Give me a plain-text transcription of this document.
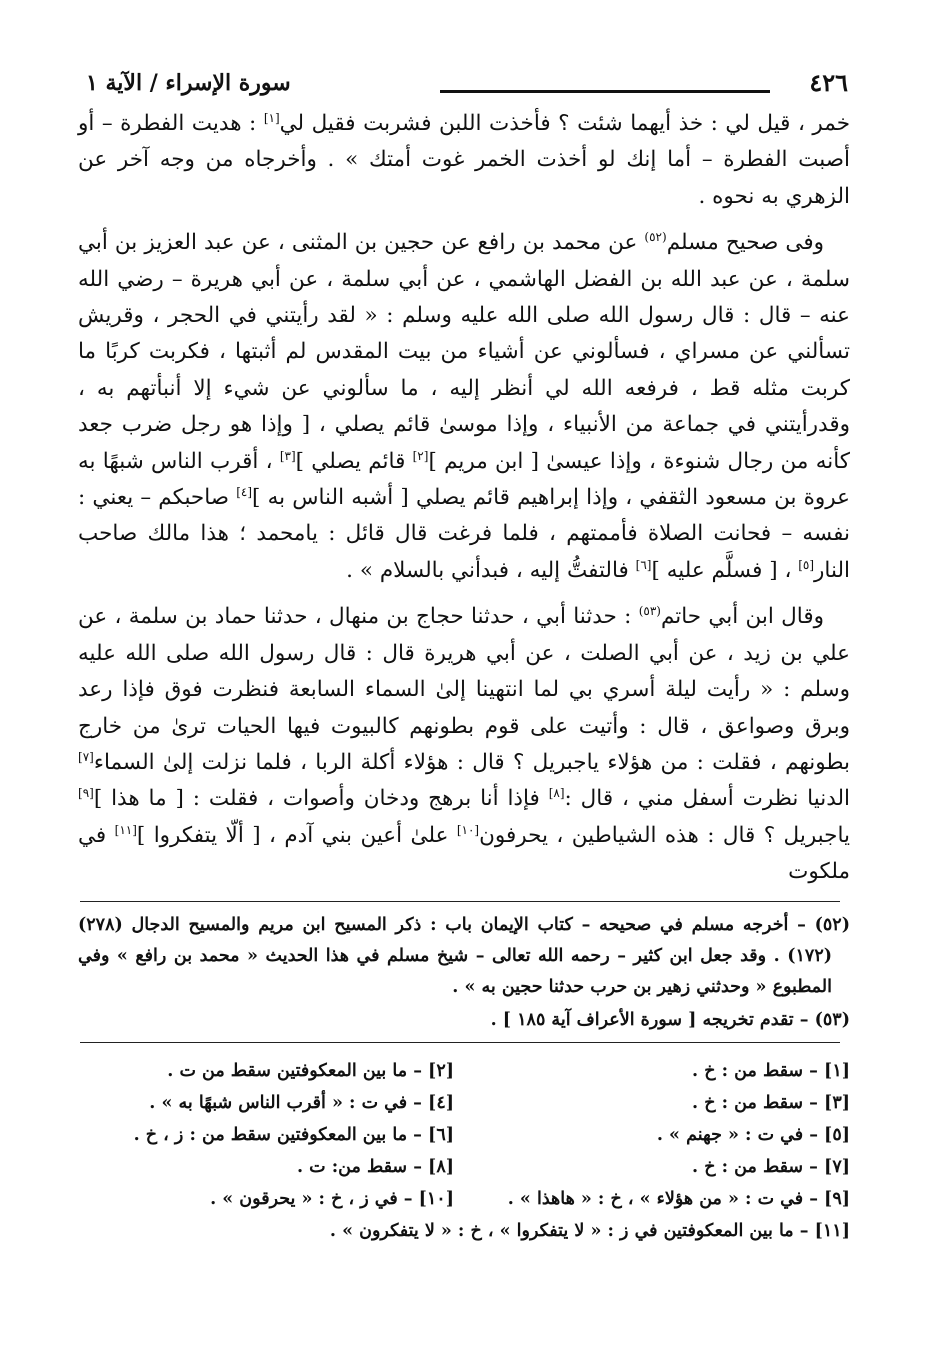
٤٢٦
سورة الإسراء / الآية ١

خمر ، قيل لي : خذ أيهما شئت ؟ فأخذت اللبن فشربت فقيل لي[١] : هديت الفطرة – أو أصبت الفطرة – أما إنك لو أخذت الخمر غوت أمتك » . وأخرجاه من وجه آخر عن الزهري به نحوه .

وفى صحيح مسلم$^{(٥٢)}$ عن محمد بن رافع عن حجين بن المثنى ، عن عبد العزيز بن أبي سلمة ، عن عبد الله بن الفضل الهاشمي ، عن أبي سلمة ، عن أبي هريرة – رضي الله عنه – قال : قال رسول الله صلى الله عليه وسلم : « لقد رأيتني في الحجر ، وقريش تسألني عن مسراي ، فسألوني عن أشياء من بيت المقدس لم أثبتها ، فكربت كربًا ما كربت مثله قط ، فرفعه الله لي أنظر إليه ، ما سألوني عن شيء إلا أنبأتهم به ، وقدرأيتني في جماعة من الأنبياء ، وإذا موسىٰ قائم يصلي ، [ وإذا هو رجل ضرب جعد كأنه من رجال شنوءة ، وإذا عيسىٰ [ ابن مريم ][٢] قائم يصلي ][٣] ، أقرب الناس شبهًا به عروة بن مسعود الثقفي ، وإذا إبراهيم قائم يصلي [ أشبه الناس به ][٤] صاحبكم – يعني : نفسه – فحانت الصلاة فأممتهم ، فلما فرغت قال قائل : يامحمد ؛ هذا مالك صاحب النار[٥] ، [ فسلَّم عليه ][٦] فالتفتُّ إليه ، فبدأني بالسلام » .

وقال ابن أبي حاتم$^{(٥٣)}$ : حدثنا أبي ، حدثنا حجاج بن منهال ، حدثنا حماد بن سلمة ، عن علي بن زيد ، عن أبي الصلت ، عن أبي هريرة قال : قال رسول الله صلى الله عليه وسلم : « رأيت ليلة أسري بي لما انتهينا إلىٰ السماء السابعة فنظرت فوق فإذا رعد وبرق وصواعق ، قال : وأتيت على قوم بطونهم كالبيوت فيها الحيات ترىٰ من خارج بطونهم ، فقلت : من هؤلاء ياجبريل ؟ قال : هؤلاء أكلة الربا ، فلما نزلت إلىٰ السماء[٧] الدنيا نظرت أسفل مني ، قال :[٨] فإذا أنا برهج ودخان وأصوات ، فقلت : [ ما هذا ][٩] ياجبريل ؟ قال : هذه الشياطين ، يحرفون[١٠] علىٰ أعين بني آدم ، [ ألّا يتفكروا ][١١] في ملكوت

(٥٢) – أخرجه مسلم في صحيحه – كتاب الإيمان باب : ذكر المسيح ابن مريم والمسيح الدجال (٢٧٨) (١٧٢) . وقد جعل ابن كثير – رحمه الله تعالى – شيخ مسلم في هذا الحديث « محمد بن رافع » وفي المطبوع « وحدثني زهير بن حرب حدثنا حجين به » .

(٥٣) – تقدم تخريجه [ سورة الأعراف آية ١٨٥ ] .

[١] – سقط من : خ .
[٢] – ما بين المعكوفتين سقط من ت .
[٣] – سقط من : خ .
[٤] – في ت : « أقرب الناس شبهًا به » .
[٥] – في ت : « جهنم » .
[٦] – ما بين المعكوفتين سقط من : ز ، خ .
[٧] – سقط من : خ .
[٨] – سقط من: ت .
[٩] – في ت : « من هؤلاء » ، خ : « هاهذا » .
[١٠] – في ز ، خ : « يحرقون » .
[١١] – ما بين المعكوفتين في ز : « لا يتفكروا » ، خ : « لا يتفكرون » .
